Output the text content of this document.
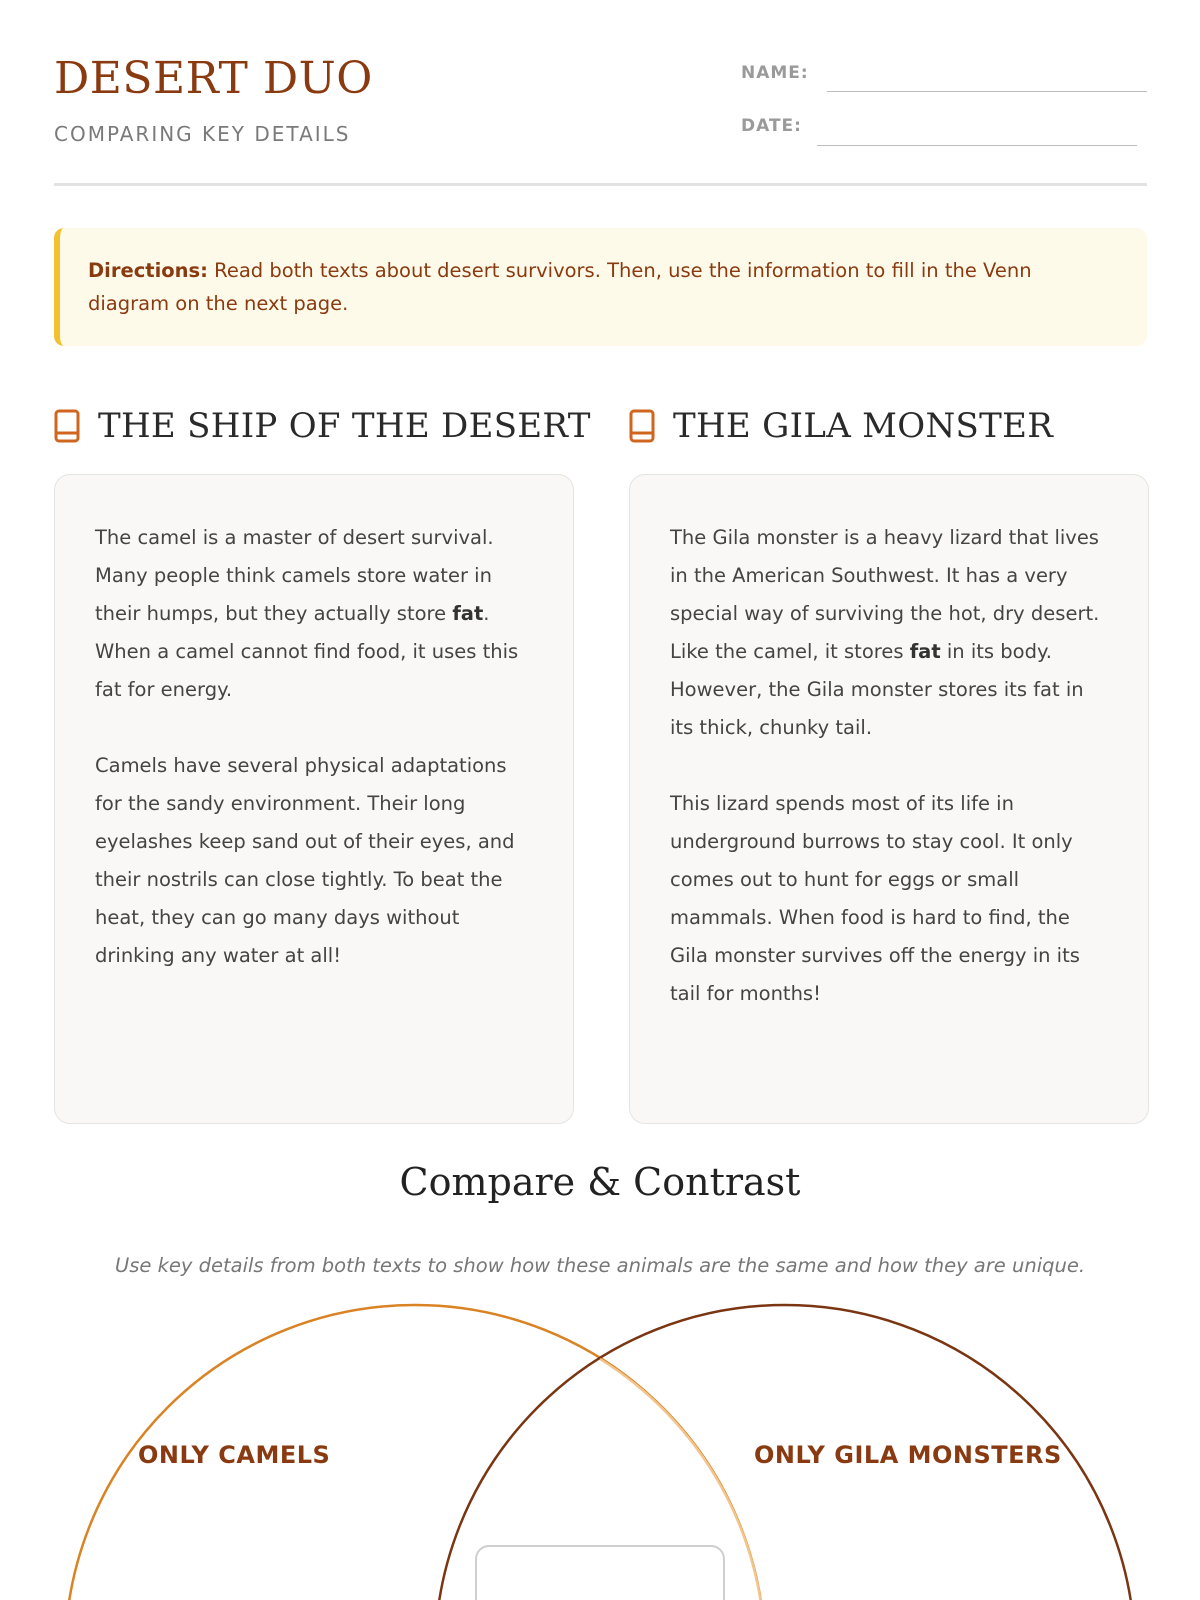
DESERT DUO
COMPARING KEY DETAILS
NAME:
DATE:
Directions: Read both texts about desert survivors. Then, use the information to fill in the Venn diagram on the next page.
THE SHIP OF THE DESERT

The camel is a master of desert survival. Many people think camels store water in their humps, but they actually store fat. When a camel cannot find food, it uses this fat for energy.

Camels have several physical adaptations for the sandy environment. Their long eyelashes keep sand out of their eyes, and their nostrils can close tightly. To beat the heat, they can go many days without drinking any water at all!

THE GILA MONSTER

The Gila monster is a heavy lizard that lives in the American Southwest. It has a very special way of surviving the hot, dry desert. Like the camel, it stores fat in its body. However, the Gila monster stores its fat in its thick, chunky tail.

This lizard spends most of its life in underground burrows to stay cool. It only comes out to hunt for eggs or small mammals. When food is hard to find, the Gila monster survives off the energy in its tail for months!

Compare & Contrast
Use key details from both texts to show how these animals are the same and how they are unique.
ONLY CAMELS	ONLY GILA MONSTERS
